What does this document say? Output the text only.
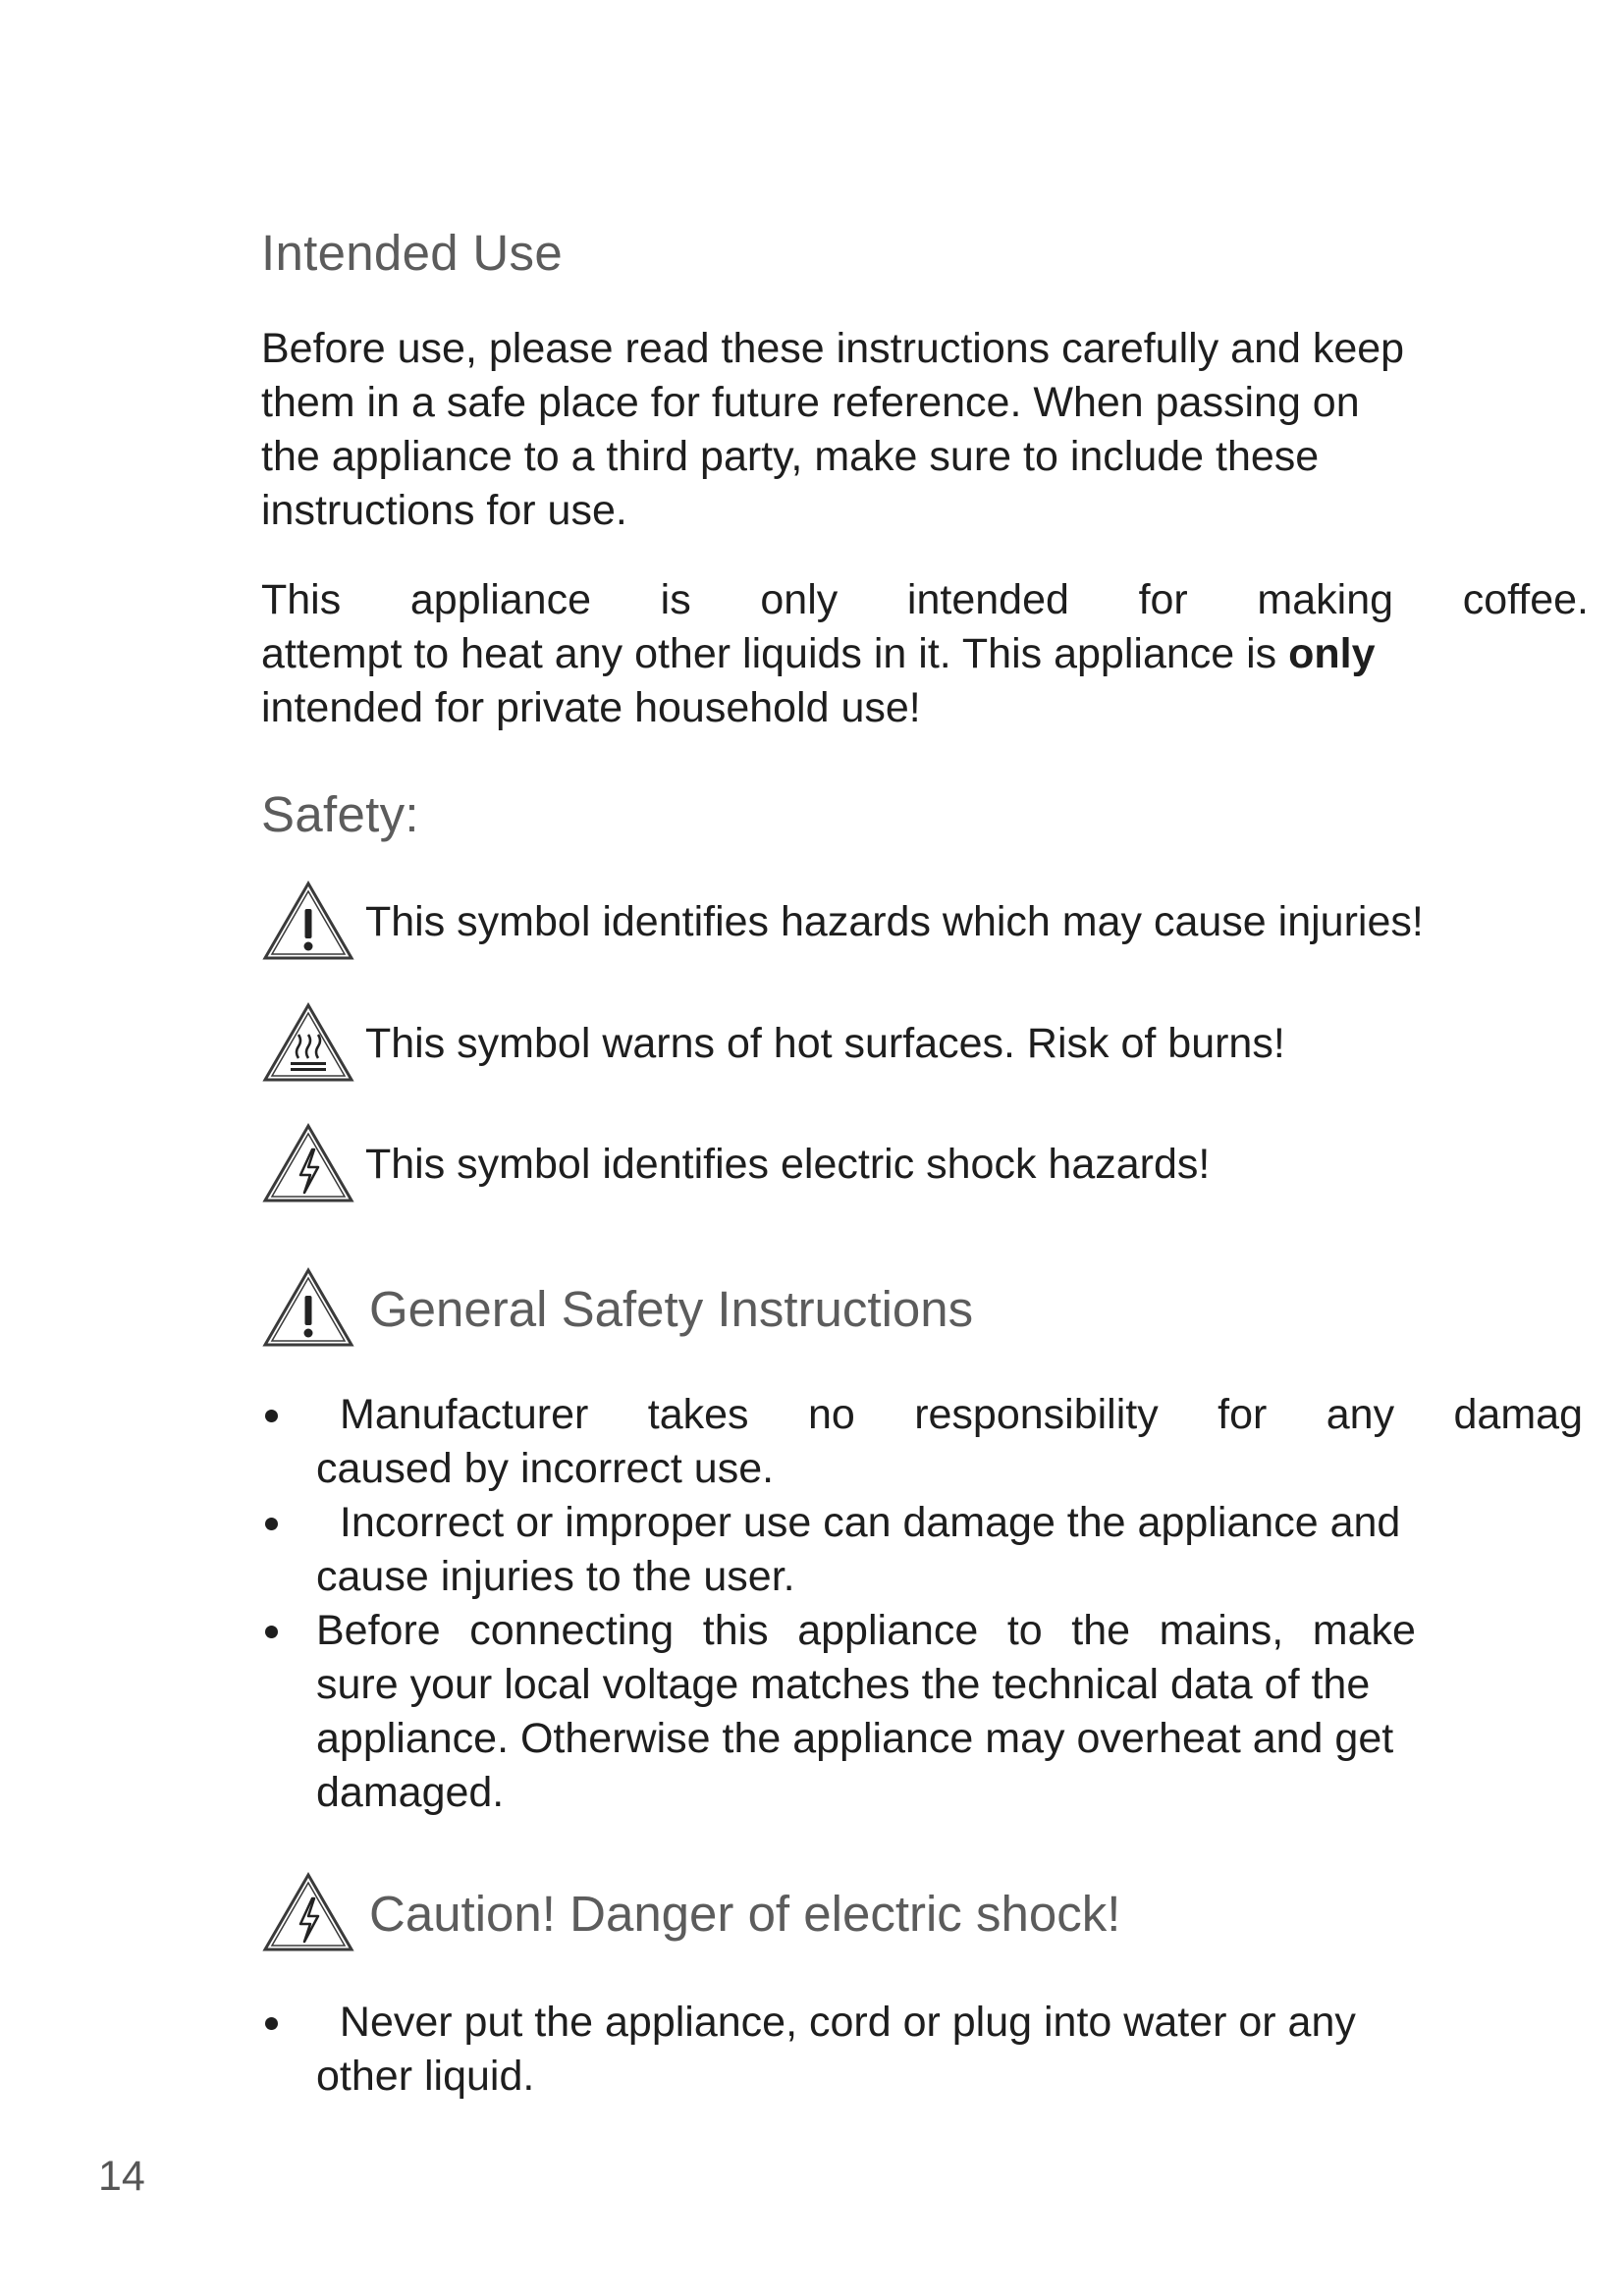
Intended Use
Before use, please read these instructions carefully and keep
them in a safe place for future reference. When passing on
the appliance to a third party, make sure to include these
instructions for use.
This appliance is only intended for making coffee.
attempt to heat any other liquids in it. This appliance is only
intended for private household use!
Safety:
This symbol identifies hazards which may cause injuries!
This symbol warns of hot surfaces. Risk of burns!
This symbol identifies electric shock hazards!
General Safety Instructions
Manufacturer takes no responsibility for any damag
caused by incorrect use.
Incorrect or improper use can damage the appliance and
cause injuries to the user.
Before connecting this appliance to the mains, make
sure your local voltage matches the technical data of the
appliance. Otherwise the appliance may overheat and get
damaged.
Caution! Danger of electric shock!
Never put the appliance, cord or plug into water or any
other liquid.
14
